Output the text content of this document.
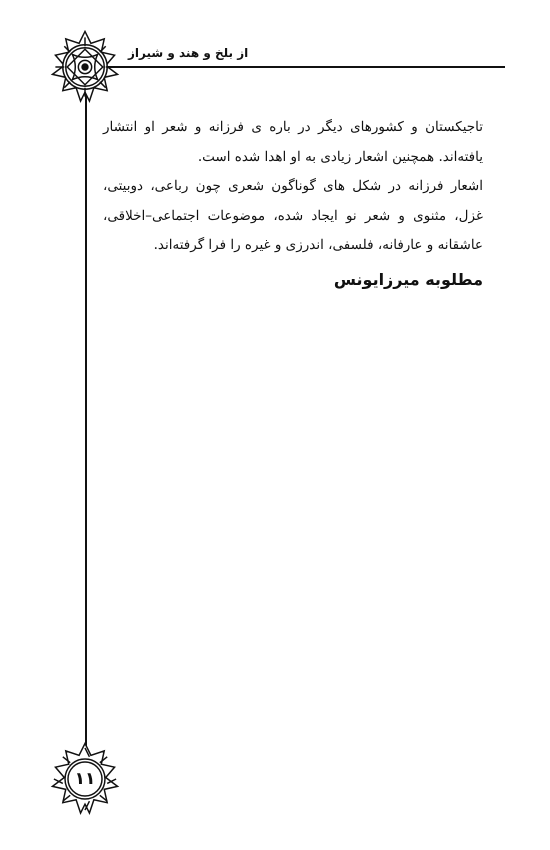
از بلخ و هند و شیراز
۱۱

تاجیکستان و کشورهای دیگر در باره ی فرزانه و شعر او انتشار یافته‌اند. همچنین اشعار زیادی به او اهدا شده است.

اشعار فرزانه در شکل های گوناگون شعری چون رباعی، دوبیتی، غزل، مثنوی و شعر نو ایجاد شده، موضوعات اجتماعی–اخلاقی، عاشقانه و عارفانه، فلسفی، اندرزی و غیره را فرا گرفته‌اند.

مطلوبه میرزایونس
